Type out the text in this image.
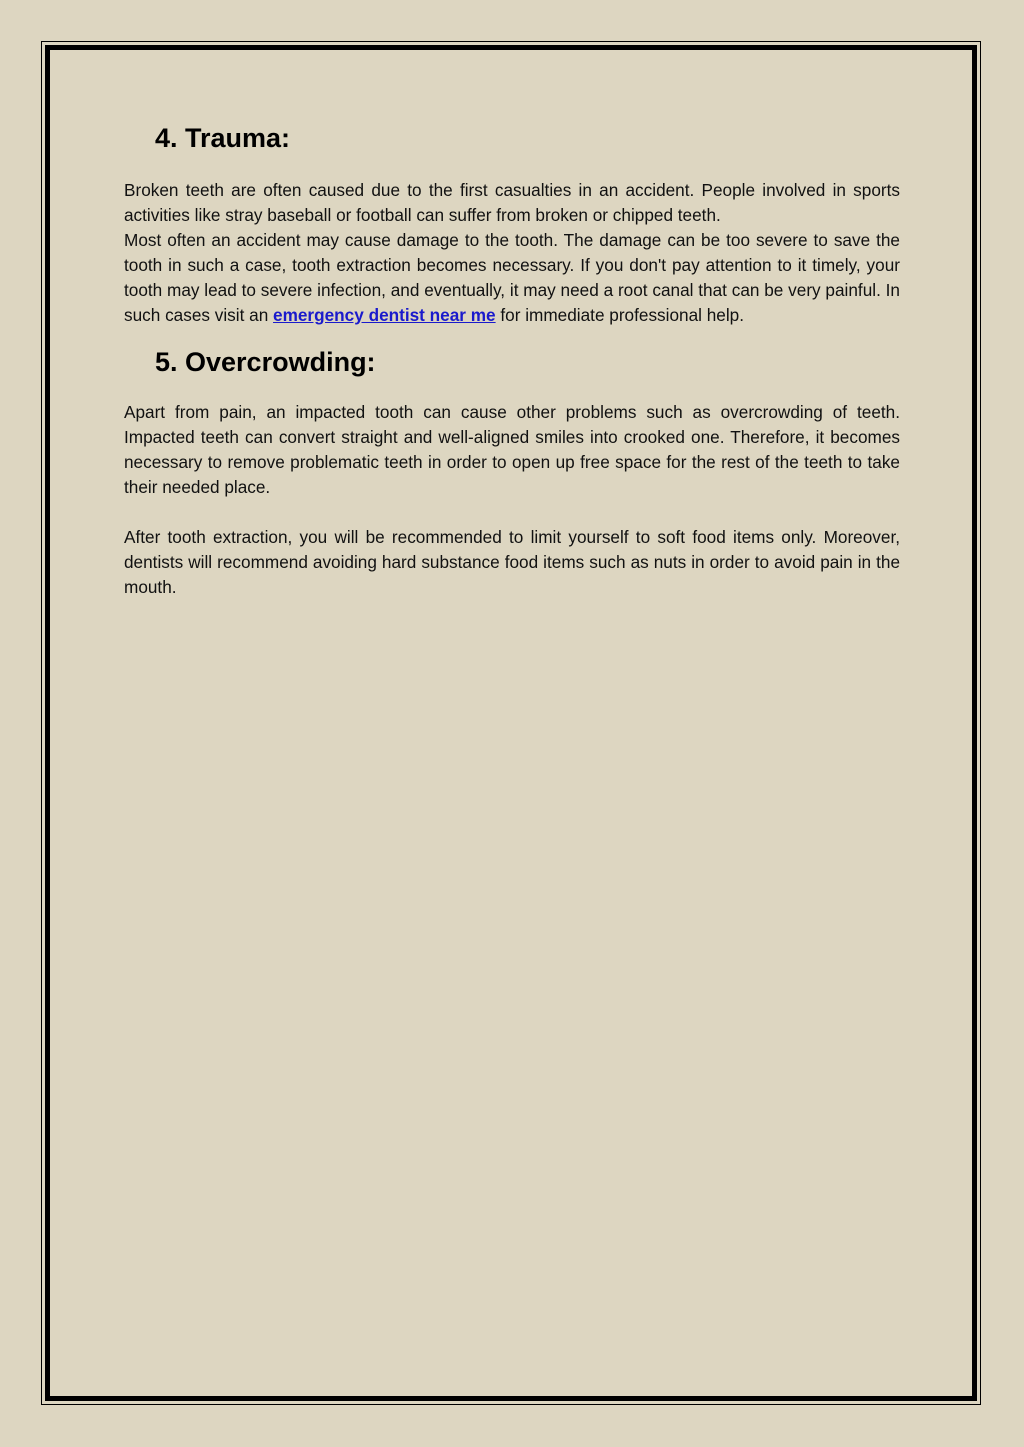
4. Trauma:

Broken teeth are often caused due to the first casualties in an accident. People involved in sports activities like stray baseball or football can suffer from broken or chipped teeth.

Most often an accident may cause damage to the tooth. The damage can be too severe to save the tooth in such a case, tooth extraction becomes necessary. If you don't pay attention to it timely, your tooth may lead to severe infection, and eventually, it may need a root canal that can be very painful. In such cases visit an emergency dentist near me for immediate professional help.

5. Overcrowding:

Apart from pain, an impacted tooth can cause other problems such as overcrowding of teeth. Impacted teeth can convert straight and well-aligned smiles into crooked one. Therefore, it becomes necessary to remove problematic teeth in order to open up free space for the rest of the teeth to take their needed place.

After tooth extraction, you will be recommended to limit yourself to soft food items only. Moreover, dentists will recommend avoiding hard substance food items such as nuts in order to avoid pain in the mouth.
